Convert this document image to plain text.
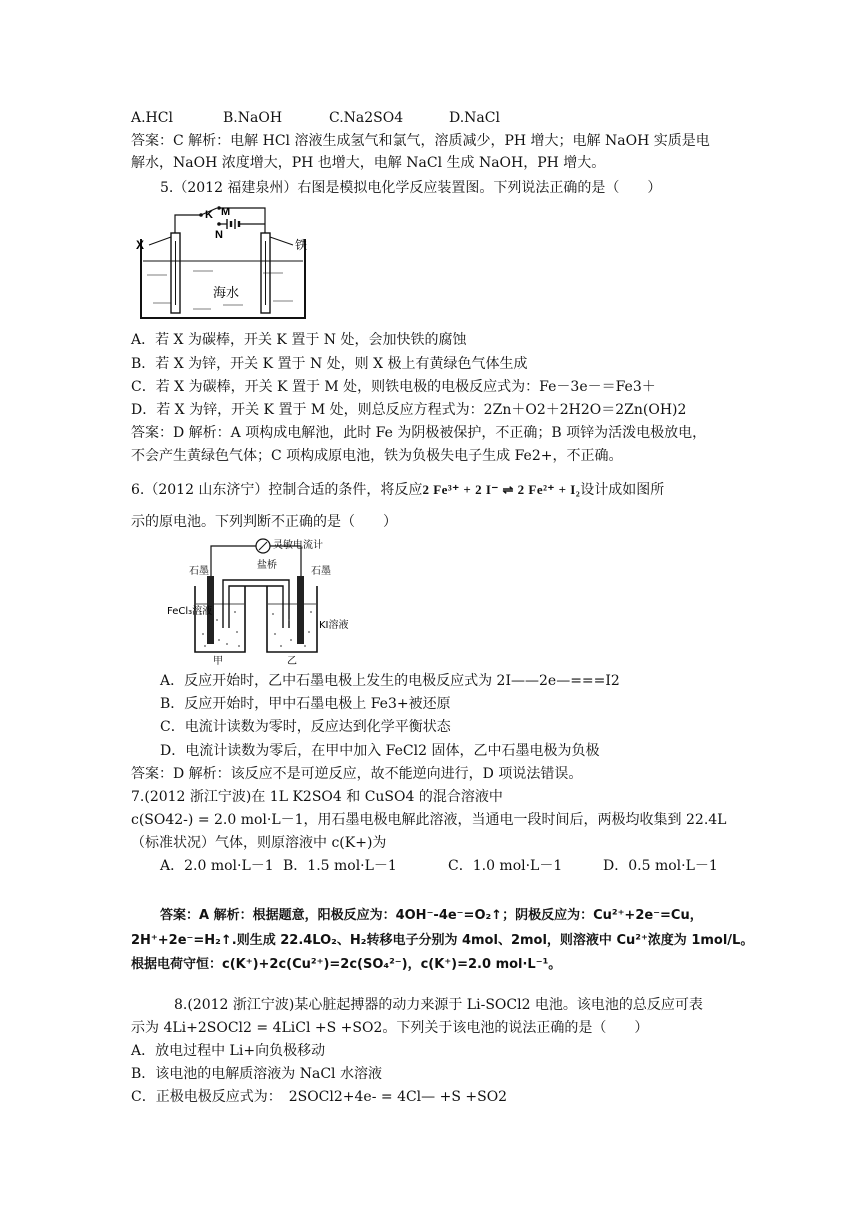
A.HCl	B.NaOH	C.Na2SO4	D.NaCl
答案：C 解析：电解 HCl 溶液生成氢气和氯气，溶质减少，PH 增大；电解 NaOH 实质是电
解水，NaOH 浓度增大，PH 也增大，电解 NaCl 生成 NaOH，PH 增大。
5.（2012 福建泉州）右图是模拟电化学反应装置图。下列说法正确的是（　　）
K M
N
X	铁
海水
A．若 X 为碳棒，开关 K 置于 N 处，会加快铁的腐蚀
B．若 X 为锌，开关 K 置于 N 处，则 X 极上有黄绿色气体生成
C．若 X 为碳棒，开关 K 置于 M 处，则铁电极的电极反应式为：Fe－3e－＝Fe3＋
D．若 X 为锌，开关 K 置于 M 处，则总反应方程式为：2Zn＋O2＋2H2O＝2Zn(OH)2
答案：D 解析：A 项构成电解池，此时 Fe 为阴极被保护，不正确；B 项锌为活泼电极放电，
不会产生黄绿色气体；C 项构成原电池，铁为负极失电子生成 Fe2+，不正确。
6.（2012 山东济宁）控制合适的条件，将反应2 Fe³⁺ + 2 I⁻ ⇌ 2 Fe²⁺ + I₂设计成如图所
示的原电池。下列判断不正确的是（　　）
灵敏电流计
盐桥
石墨	石墨
FeCl₃溶液
KI溶液
甲	乙
A．反应开始时，乙中石墨电极上发生的电极反应式为 2I——2e—===I2
B．反应开始时，甲中石墨电极上 Fe3+被还原
C．电流计读数为零时，反应达到化学平衡状态
D．电流计读数为零后，在甲中加入 FeCl2 固体，乙中石墨电极为负极
答案：D 解析：该反应不是可逆反应，故不能逆向进行，D 项说法错误。
7.(2012 浙江宁波)在 1L K2SO4 和 CuSO4 的混合溶液中
c(SO42-) = 2.0 mol·L－1，用石墨电极电解此溶液，当通电一段时间后，两极均收集到 22.4L
（标准状况）气体，则原溶液中 c(K+)为
A．2.0 mol·L－1 B．1.5 mol·L－1	C．1.0 mol·L－1	D．0.5 mol·L－1
答案：A 解析：根据题意，阳极反应为：4OH⁻-4e⁻=O₂↑；阴极反应为：Cu²⁺+2e⁻=Cu，
2H⁺+2e⁻=H₂↑.则生成 22.4LO₂、H₂转移电子分别为 4mol、2mol，则溶液中 Cu²⁺浓度为 1mol/L。
根据电荷守恒：c(K⁺)+2c(Cu²⁺)=2c(SO₄²⁻)，c(K⁺)=2.0 mol·L⁻¹。
8.(2012 浙江宁波)某心脏起搏器的动力来源于 Li-SOCl2 电池。该电池的总反应可表
示为 4Li+2SOCl2 = 4LiCl +S +SO2。下列关于该电池的说法正确的是（　　）
A．放电过程中 Li+向负极移动
B．该电池的电解质溶液为 NaCl 水溶液
C．正极电极反应式为：　2SOCl2+4e- = 4Cl— +S +SO2
